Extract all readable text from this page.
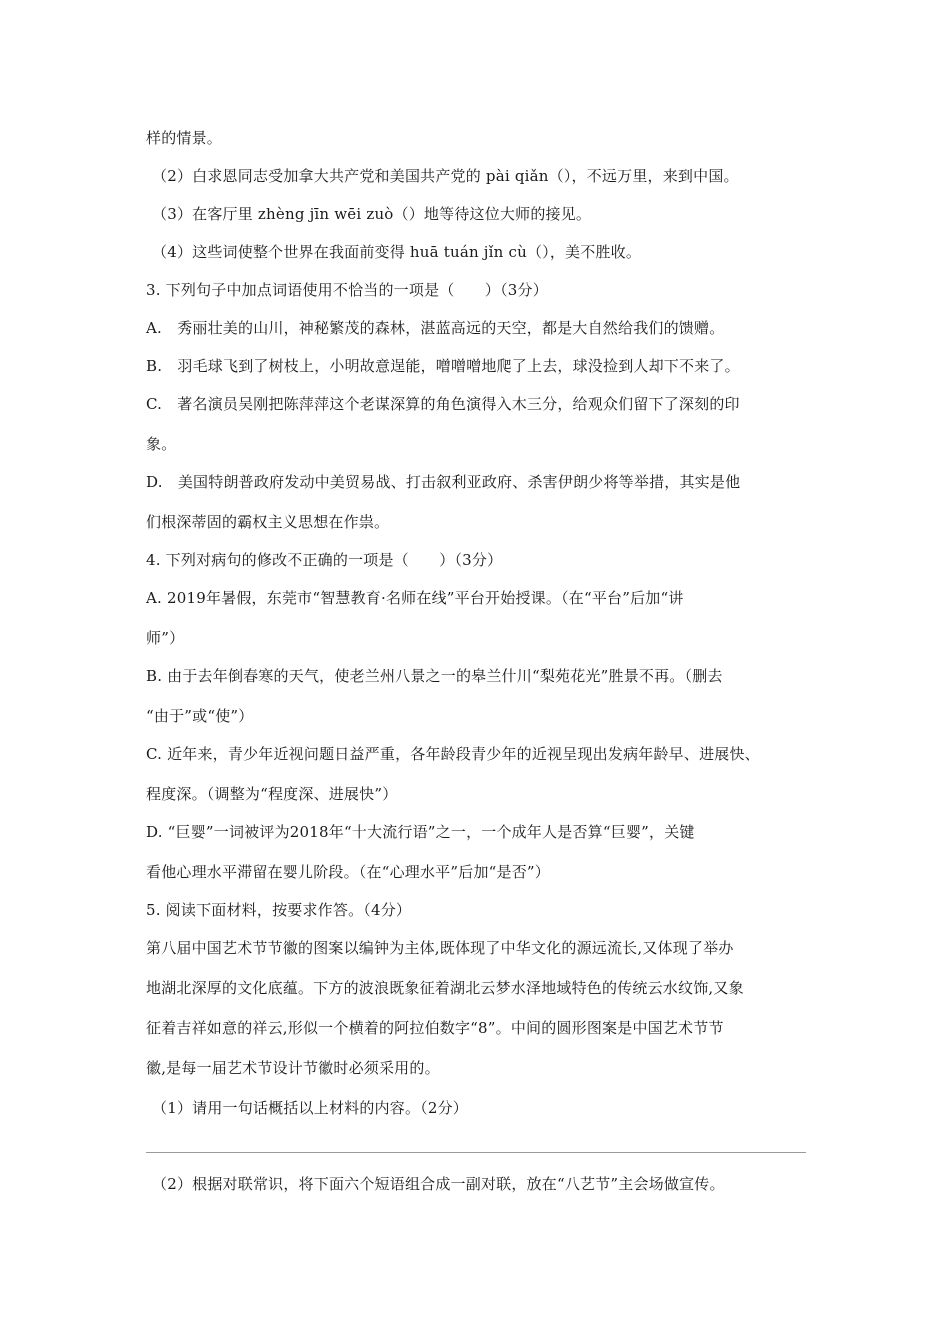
样的情景。
（2）白求恩同志受加拿大共产党和美国共产党的 pài qiǎn（），不远万里，来到中国。
（3）在客厅里 zhèng jīn wēi zuò（）地等待这位大师的接见。
（4）这些词使整个世界在我面前变得 huā tuán jǐn cù（），美不胜收。
3. 下列句子中加点词语使用不恰当的一项是（　　）（3分）
A.　秀丽壮美的山川，神秘繁茂的森林，湛蓝高远的天空，都是大自然给我们的馈赠。
B.　羽毛球飞到了树枝上，小明故意逞能，噌噌噌地爬了上去，球没捡到人却下不来了。
C.　著名演员吴刚把陈萍萍这个老谋深算的角色演得入木三分，给观众们留下了深刻的印
象。
D.　美国特朗普政府发动中美贸易战、打击叙利亚政府、杀害伊朗少将等举措，其实是他
们根深蒂固的霸权主义思想在作祟。
4. 下列对病句的修改不正确的一项是（　　）（3分）
A. 2019年暑假，东莞市“智慧教育·名师在线”平台开始授课。（在“平台”后加“讲
师”）
B. 由于去年倒春寒的天气，使老兰州八景之一的皋兰什川“梨苑花光”胜景不再。（删去
“由于”或“使”）
C. 近年来，青少年近视问题日益严重，各年龄段青少年的近视呈现出发病年龄早、进展快、
程度深。（调整为“程度深、进展快”）
D. “巨婴”一词被评为2018年“十大流行语”之一，一个成年人是否算“巨婴”，关键
看他心理水平滞留在婴儿阶段。（在“心理水平”后加“是否”）
5. 阅读下面材料，按要求作答。（4分）
第八届中国艺术节节徽的图案以编钟为主体,既体现了中华文化的源远流长,又体现了举办
地湖北深厚的文化底蕴。下方的波浪既象征着湖北云梦水泽地域特色的传统云水纹饰,又象
征着吉祥如意的祥云,形似一个横着的阿拉伯数字“8”。中间的圆形图案是中国艺术节节
徽,是每一届艺术节设计节徽时必须采用的。
（1）请用一句话概括以上材料的内容。（2分）
（2）根据对联常识，将下面六个短语组合成一副对联，放在“八艺节”主会场做宣传。
